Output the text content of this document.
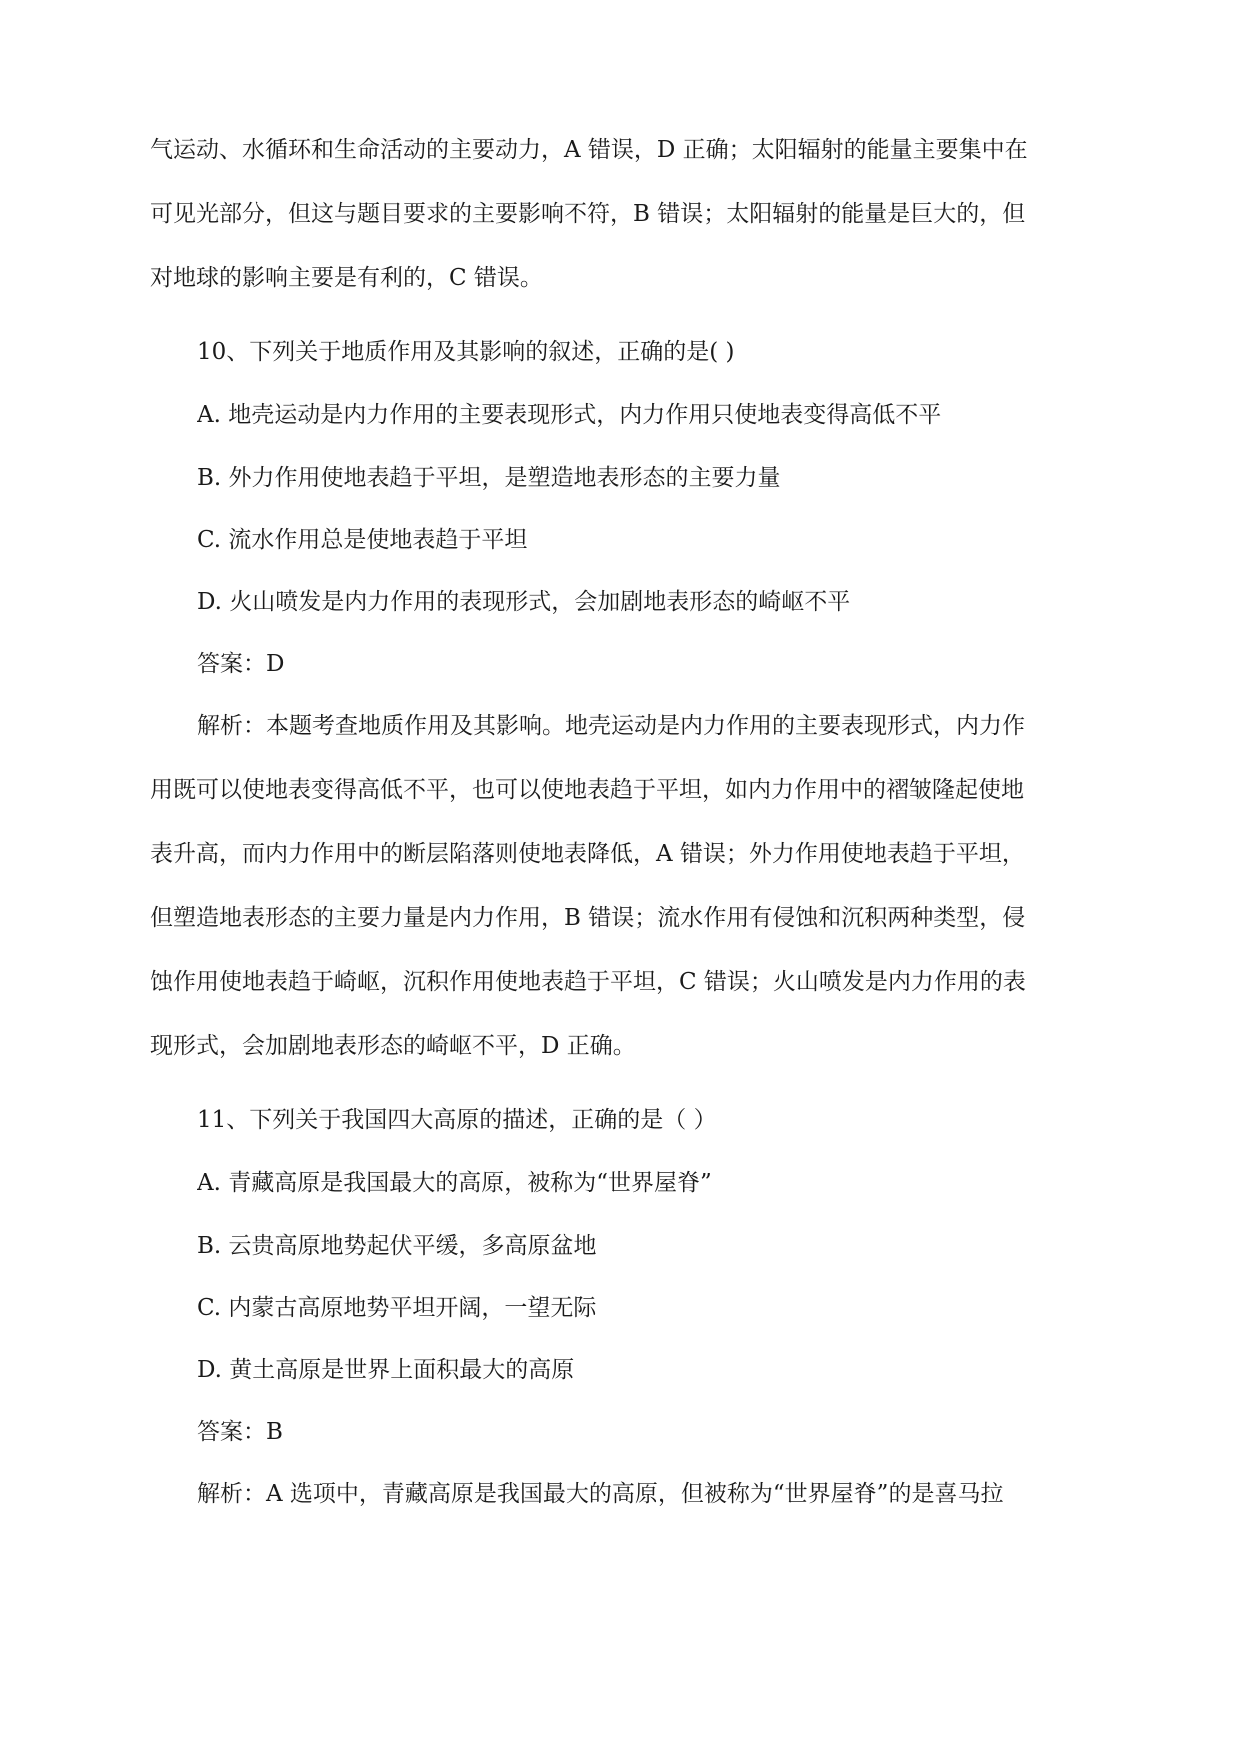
气运动、水循环和生命活动的主要动力，A 错误，D 正确；太阳辐射的能量主要集中在
可见光部分，但这与题目要求的主要影响不符，B 错误；太阳辐射的能量是巨大的，但
对地球的影响主要是有利的，C 错误。
10、下列关于地质作用及其影响的叙述，正确的是( )
A. 地壳运动是内力作用的主要表现形式，内力作用只使地表变得高低不平
B. 外力作用使地表趋于平坦，是塑造地表形态的主要力量
C. 流水作用总是使地表趋于平坦
D. 火山喷发是内力作用的表现形式，会加剧地表形态的崎岖不平
答案：D
解析：本题考查地质作用及其影响。地壳运动是内力作用的主要表现形式，内力作
用既可以使地表变得高低不平，也可以使地表趋于平坦，如内力作用中的褶皱隆起使地
表升高，而内力作用中的断层陷落则使地表降低，A 错误；外力作用使地表趋于平坦，
但塑造地表形态的主要力量是内力作用，B 错误；流水作用有侵蚀和沉积两种类型，侵
蚀作用使地表趋于崎岖，沉积作用使地表趋于平坦，C 错误；火山喷发是内力作用的表
现形式，会加剧地表形态的崎岖不平，D 正确。
11、下列关于我国四大高原的描述，正确的是（ ）
A. 青藏高原是我国最大的高原，被称为“世界屋脊”
B. 云贵高原地势起伏平缓，多高原盆地
C. 内蒙古高原地势平坦开阔，一望无际
D. 黄土高原是世界上面积最大的高原
答案：B
解析：A 选项中，青藏高原是我国最大的高原，但被称为“世界屋脊”的是喜马拉
